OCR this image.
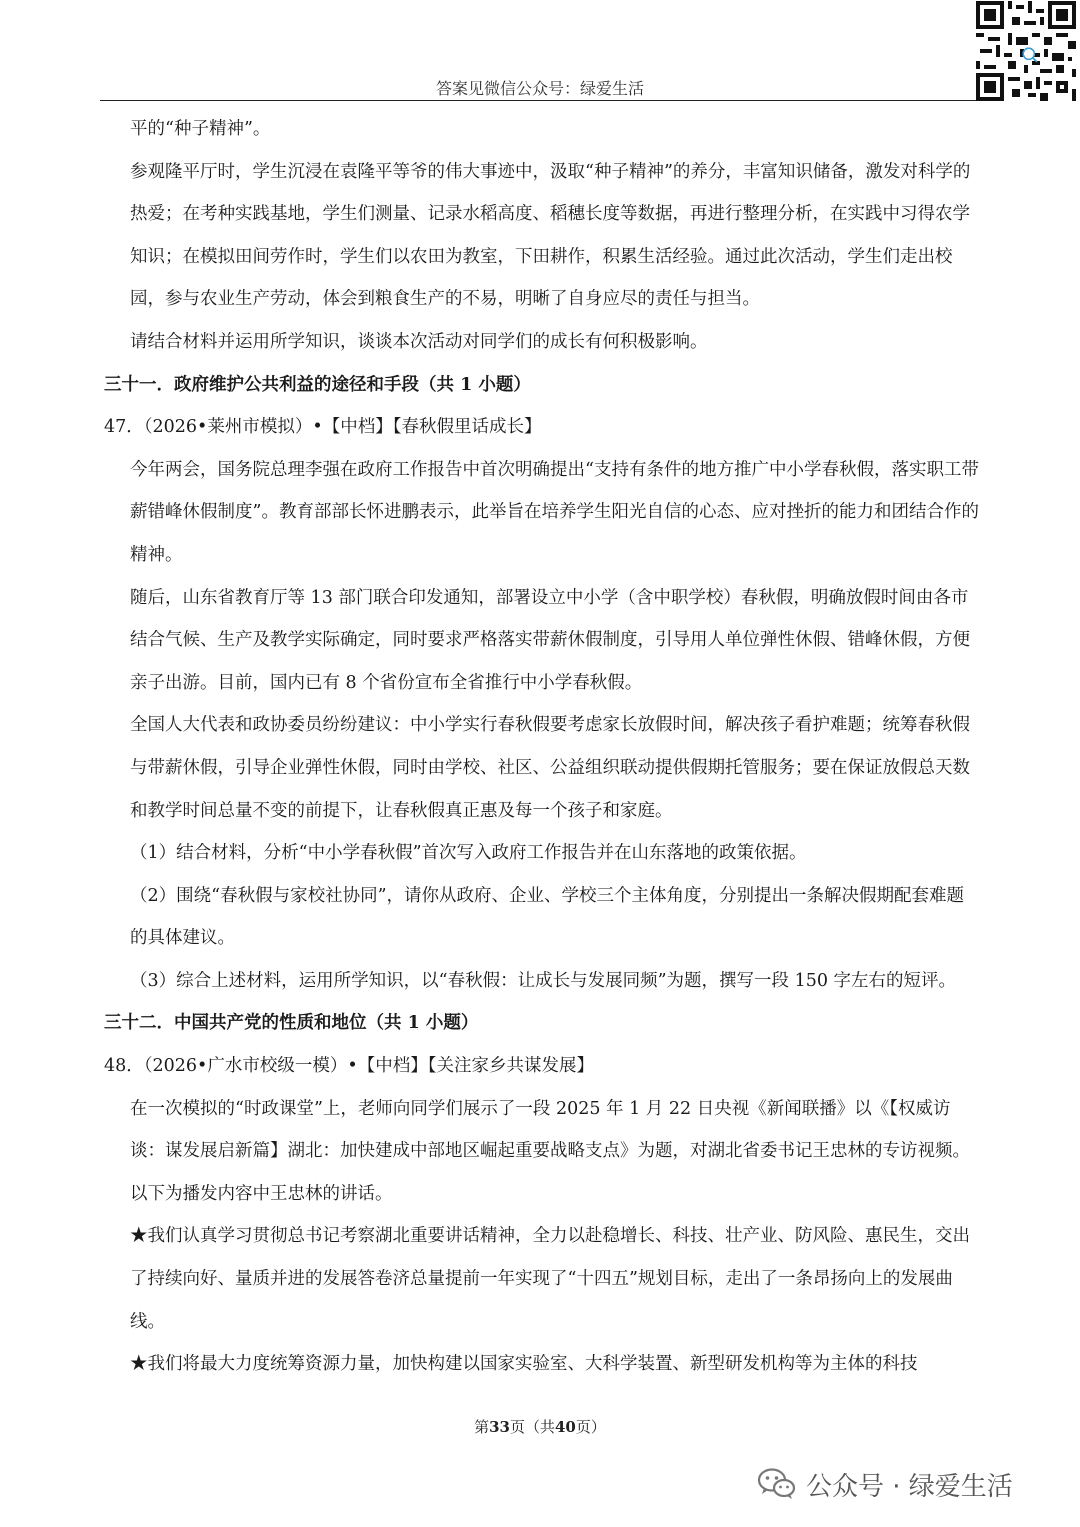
答案见微信公众号：绿爱生活

平的“种子精神”。

参观隆平厅时，学生沉浸在袁隆平等爷的伟大事迹中，汲取“种子精神”的养分，丰富知识储备，激发对科学的热爱；在考种实践基地，学生们测量、记录水稻高度、稻穗长度等数据，再进行整理分析，在实践中习得农学知识；在模拟田间劳作时，学生们以农田为教室，下田耕作，积累生活经验。通过此次活动，学生们走出校园，参与农业生产劳动，体会到粮食生产的不易，明晰了自身应尽的责任与担当。

请结合材料并运用所学知识，谈谈本次活动对同学们的成长有何积极影响。

三十一．政府维护公共利益的途径和手段（共 1 小题）

47．（2026•莱州市模拟）•【中档】【春秋假里话成长】

今年两会，国务院总理李强在政府工作报告中首次明确提出“支持有条件的地方推广中小学春秋假，落实职工带薪错峰休假制度”。教育部部长怀进鹏表示，此举旨在培养学生阳光自信的心态、应对挫折的能力和团结合作的精神。

随后，山东省教育厅等 13 部门联合印发通知，部署设立中小学（含中职学校）春秋假，明确放假时间由各市结合气候、生产及教学实际确定，同时要求严格落实带薪休假制度，引导用人单位弹性休假、错峰休假，方便亲子出游。目前，国内已有 8 个省份宣布全省推行中小学春秋假。

全国人大代表和政协委员纷纷建议：中小学实行春秋假要考虑家长放假时间，解决孩子看护难题；统筹春秋假与带薪休假，引导企业弹性休假，同时由学校、社区、公益组织联动提供假期托管服务；要在保证放假总天数和教学时间总量不变的前提下，让春秋假真正惠及每一个孩子和家庭。

（1）结合材料，分析“中小学春秋假”首次写入政府工作报告并在山东落地的政策依据。

（2）围绕“春秋假与家校社协同”，请你从政府、企业、学校三个主体角度，分别提出一条解决假期配套难题的具体建议。

（3）综合上述材料，运用所学知识，以“春秋假：让成长与发展同频”为题，撰写一段 150 字左右的短评。

三十二．中国共产党的性质和地位（共 1 小题）

48．（2026•广水市校级一模）•【中档】【关注家乡共谋发展】

在一次模拟的“时政课堂”上，老师向同学们展示了一段 2025 年 1 月 22 日央视《新闻联播》以《【权威访谈：谋发展启新篇】湖北：加快建成中部地区崛起重要战略支点》为题，对湖北省委书记王忠林的专访视频。以下为播发内容中王忠林的讲话。

★我们认真学习贯彻总书记考察湖北重要讲话精神，全力以赴稳增长、科技、壮产业、防风险、惠民生，交出了持续向好、量质并进的发展答卷济总量提前一年实现了“十四五”规划目标，走出了一条昂扬向上的发展曲线。

★我们将最大力度统筹资源力量，加快构建以国家实验室、大科学装置、新型研发机构等为主体的科技

第33页（共40页）
公众号 · 绿爱生活
